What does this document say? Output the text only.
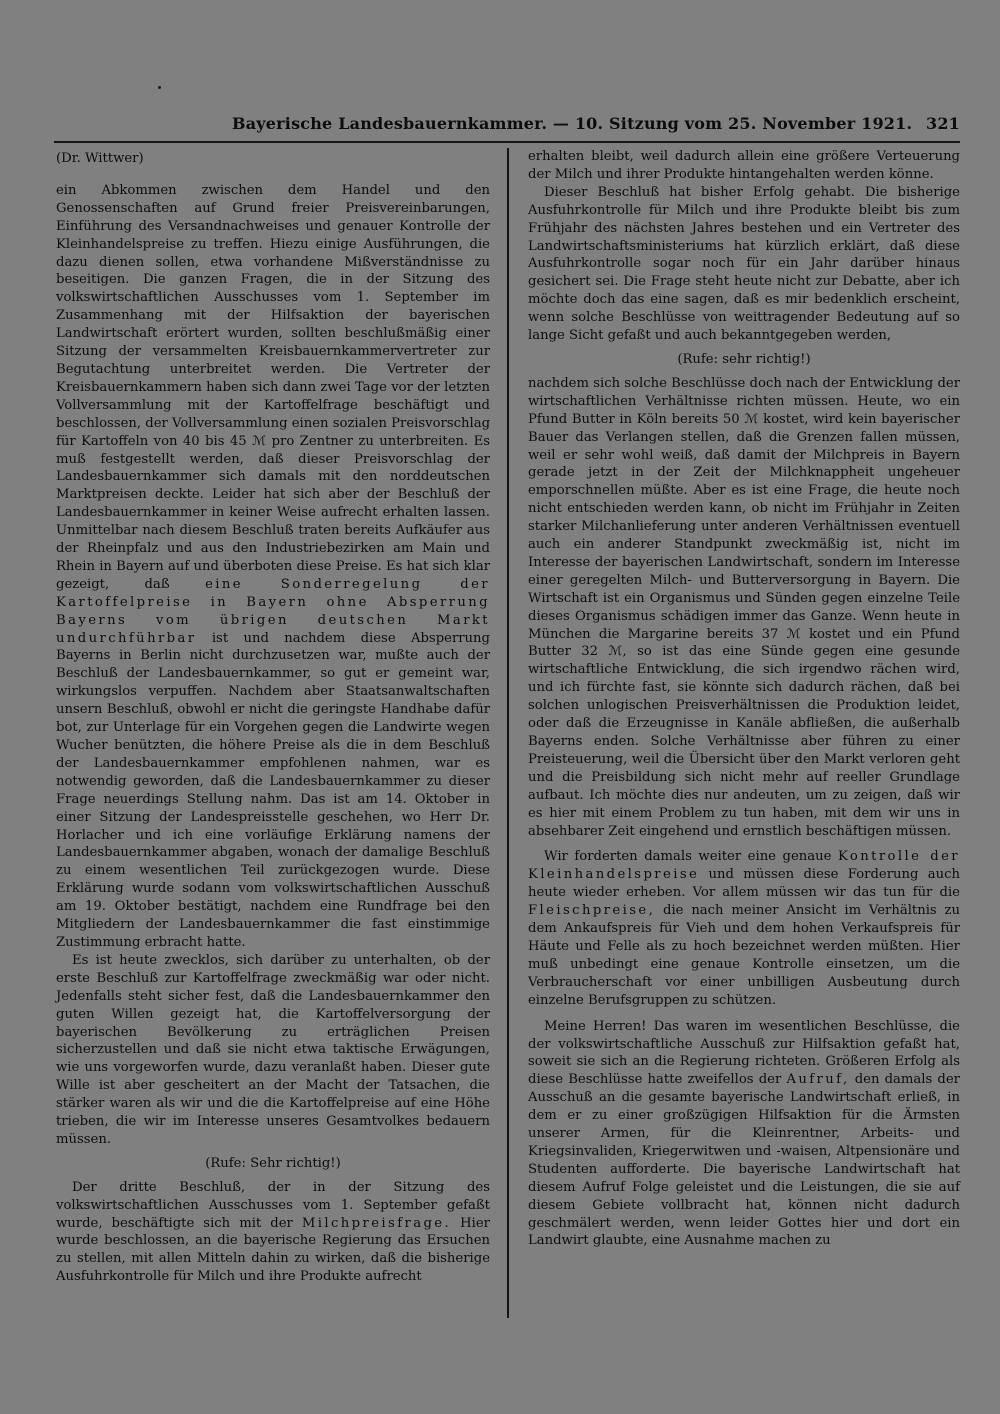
Bayerische Landesbauernkammer. — 10. Sitzung vom 25. November 1921. 321

(Dr. Wittwer)

ein Abkommen zwischen dem Handel und den Genossenschaften auf Grund freier Preisvereinbarungen, Einführung des Versandnachweises und genauer Kontrolle der Kleinhandelspreise zu treffen. Hiezu einige Ausführungen, die dazu dienen sollen, etwa vorhandene Mißverständnisse zu beseitigen. Die ganzen Fragen, die in der Sitzung des volkswirtschaftlichen Ausschusses vom 1. September im Zusammenhang mit der Hilfsaktion der bayerischen Landwirtschaft erörtert wurden, sollten beschlußmäßig einer Sitzung der versammelten Kreisbauernkammervertreter zur Begutachtung unterbreitet werden. Die Vertreter der Kreisbauernkammern haben sich dann zwei Tage vor der letzten Vollversammlung mit der Kartoffelfrage beschäftigt und beschlossen, der Vollversammlung einen sozialen Preisvorschlag für Kartoffeln von 40 bis 45 ℳ pro Zentner zu unterbreiten. Es muß festgestellt werden, daß dieser Preisvorschlag der Landesbauernkammer sich damals mit den norddeutschen Marktpreisen deckte. Leider hat sich aber der Beschluß der Landesbauernkammer in keiner Weise aufrecht erhalten lassen. Unmittelbar nach diesem Beschluß traten bereits Aufkäufer aus der Rheinpfalz und aus den Industriebezirken am Main und Rhein in Bayern auf und überboten diese Preise. Es hat sich klar gezeigt, daß	eine Sonderregelung der Kartoffelpreise in Bayern ohne Absperrung Bayerns vom übrigen deutschen Markt undurchführbar ist und nachdem diese Absperrung Bayerns in Berlin nicht durchzusetzen war, mußte auch der Beschluß der Landesbauernkammer, so gut er gemeint war, wirkungslos verpuffen. Nachdem aber Staatsanwaltschaften unsern Beschluß, obwohl er nicht die geringste Handhabe dafür bot, zur Unterlage für ein Vorgehen gegen die Landwirte wegen Wucher benützten, die höhere Preise als die in dem Beschluß der Landesbauernkammer empfohlenen nahmen, war es notwendig geworden, daß die Landesbauernkammer zu dieser Frage neuerdings Stellung nahm. Das ist am 14. Oktober in einer Sitzung der Landespreisstelle geschehen, wo Herr Dr. Horlacher und ich eine vorläufige Erklärung namens der Landesbauernkammer abgaben, wonach der damalige Beschluß zu einem wesentlichen Teil zurückgezogen wurde. Diese Erklärung wurde sodann vom volkswirtschaftlichen Ausschuß am 19. Oktober bestätigt, nachdem eine Rundfrage bei den Mitgliedern der Landesbauernkammer die fast einstimmige Zustimmung erbracht hatte.

Es ist heute zwecklos, sich darüber zu unterhalten, ob der erste Beschluß zur Kartoffelfrage zweckmäßig war oder nicht. Jedenfalls steht sicher fest, daß die Landesbauernkammer den guten Willen gezeigt hat, die Kartoffelversorgung der bayerischen Bevölkerung zu erträglichen Preisen sicherzustellen und daß sie nicht etwa taktische Erwägungen, wie uns vorgeworfen wurde, dazu veranlaßt haben. Dieser gute Wille ist aber gescheitert an der Macht der Tatsachen, die stärker waren als wir und die die Kartoffelpreise auf eine Höhe trieben, die wir im Interesse unseres Gesamtvolkes bedauern müssen.

(Rufe: Sehr richtig!)

Der dritte Beschluß, der in der Sitzung des volkswirtschaftlichen Ausschusses vom 1. September gefaßt wurde, beschäftigte sich mit der Milchpreisfrage. Hier wurde beschlossen, an die bayerische Regierung das Ersuchen zu stellen, mit allen Mitteln dahin zu wirken, daß die bisherige Ausfuhrkontrolle für Milch und ihre Produkte aufrecht

erhalten bleibt, weil dadurch allein eine größere Verteuerung der Milch und ihrer Produkte hintangehalten werden könne.

Dieser Beschluß hat bisher Erfolg gehabt. Die bisherige Ausfuhrkontrolle für Milch und ihre Produkte bleibt bis zum Frühjahr des nächsten Jahres bestehen und ein Vertreter des Landwirtschaftsministeriums hat kürzlich erklärt, daß diese Ausfuhrkontrolle sogar noch für ein Jahr darüber hinaus gesichert sei. Die Frage steht heute nicht zur Debatte, aber ich möchte doch das eine sagen, daß es mir bedenklich erscheint, wenn solche Beschlüsse von weittragender Bedeutung auf so lange Sicht gefaßt und auch bekanntgegeben werden,

(Rufe: sehr richtig!)

nachdem sich solche Beschlüsse doch nach der Entwicklung der wirtschaftlichen Verhältnisse richten müssen. Heute, wo ein Pfund Butter in Köln bereits 50 ℳ kostet, wird kein bayerischer Bauer das Verlangen stellen, daß die Grenzen fallen müssen, weil er sehr wohl weiß, daß damit der Milchpreis in Bayern gerade jetzt in der Zeit der Milchknappheit ungeheuer emporschnellen müßte. Aber es ist eine Frage, die heute noch nicht entschieden werden kann, ob nicht im Frühjahr in Zeiten starker Milchanlieferung unter anderen Verhältnissen eventuell auch ein anderer Standpunkt zweckmäßig ist, nicht im Interesse der bayerischen Landwirtschaft, sondern im Interesse einer geregelten Milch- und Butterversorgung in Bayern. Die Wirtschaft ist ein Organismus und Sünden gegen einzelne Teile dieses Organismus schädigen immer das Ganze. Wenn heute in München die Margarine bereits 37 ℳ kostet und ein Pfund Butter 32 ℳ, so ist das eine Sünde gegen eine gesunde wirtschaftliche Entwicklung, die sich irgendwo rächen wird, und ich fürchte fast, sie könnte sich dadurch rächen, daß bei solchen unlogischen Preisverhältnissen die Produktion leidet, oder daß die Erzeugnisse in Kanäle abfließen, die außerhalb Bayerns enden. Solche Verhältnisse aber führen zu einer Preisteuerung, weil die Übersicht über den Markt verloren geht und die Preisbildung sich nicht mehr auf reeller Grundlage aufbaut. Ich möchte dies nur andeuten, um zu zeigen, daß wir es hier mit einem Problem zu tun haben, mit dem wir uns in absehbarer Zeit eingehend und ernstlich beschäftigen müssen.

Wir forderten damals weiter eine genaue Kontrolle der Kleinhandelspreise und müssen diese Forderung auch heute wieder erheben. Vor allem müssen wir das tun für die Fleischpreise, die nach meiner Ansicht im Verhältnis zu dem Ankaufspreis für Vieh und dem hohen Verkaufspreis für Häute und Felle als zu hoch bezeichnet werden müßten. Hier muß unbedingt eine genaue Kontrolle einsetzen, um die Verbraucherschaft vor einer unbilligen Ausbeutung durch einzelne Berufsgruppen zu schützen.

Meine Herren! Das waren im wesentlichen Beschlüsse, die der volkswirtschaftliche Ausschuß zur Hilfsaktion gefaßt hat, soweit sie sich an die Regierung richteten. Größeren Erfolg als diese Beschlüsse hatte zweifellos der Aufruf, den damals der Ausschuß an die gesamte bayerische Landwirtschaft erließ, in dem er zu einer großzügigen Hilfsaktion für die Ärmsten unserer Armen, für die Kleinrentner, Arbeits- und Kriegsinvaliden, Kriegerwitwen und -waisen, Altpensionäre und Studenten aufforderte. Die bayerische Landwirtschaft hat diesem Aufruf Folge geleistet und die Leistungen, die sie auf diesem Gebiete vollbracht hat, können nicht dadurch geschmälert werden, wenn leider Gottes hier und dort ein Landwirt glaubte, eine Ausnahme machen zu
